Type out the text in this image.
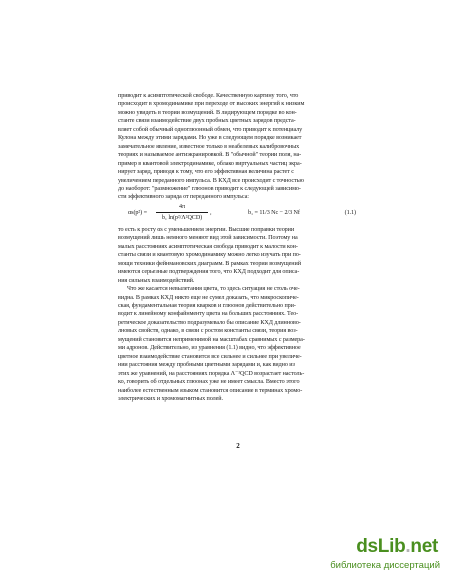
приводит к асимптотической свободе. Качественную картину того, что

происходит в хромодинамике при переходе от высоких энергий к низким

можно увидеть в теории возмущений. В лидирующем порядке во кон-

станте связи взаимодействие двух пробных цветных зарядов предста-

вляет собой обычный одноглюонный обмен, что приводит к потенциалу

Кулона между этими зарядами. Но уже в следующем порядке возникает

замечательное явление, известное только в неабелевых калибровочных

теориях и называемое антиэкранировкой. В "обычной" теории поля, на-

пример в квантовой электродинамике, облако виртуальных частиц экра-

нирует заряд, приводя к тому, что его эффективная величина растет с

увеличением переданного импульса. В КХД все происходит с точностью

до наоборот: "размножение" глюонов приводит к следующей зависимо-

сти эффективного заряда от переданного импульса:

αs(p²) =
4π
b₁ ln(p²/Λ²QCD)
,	b₁ = 11/3 Nc − 2/3 Nf	(1.1)

то есть к росту αs с уменьшением энергии. Высшие поправки теории

возмущений лишь немного меняют вид этой зависимости. Поэтому на

малых расстояниях асимптотическая свобода приводит к малости кон-

станты связи и квантовую хромодинамику можно легко изучать при по-

мощи техники фейнмановских диаграмм. В рамках теории возмущений

имеются серьезные подтверждения того, что КХД подходит для описа-

ния сильных взаимодействий.

Что же касается невылетания цвета, то здесь ситуация не столь оче-

видна. В рамках КХД никто еще не сумел доказать, что микроскопиче-

ская, фундаментальная теория кварков и глюонов действительно при-

водит к линейному конфайнменту цвета на больших расстояниях. Тео-

ретическое доказательство подразумевало бы описание КХД длинново-

лновых свойств, однако, в связи с ростом константы связи, теория воз-

мущений становится неприменимой на масштабах сравнимых с размера-

ми адронов. Действительно, из уравнения (1.1) видно, что эффективное

цветное взаимодействие становится все сильнее и сильнее при увеличе-

нии расстояния между пробными цветными зарядами и, как видно из

этих же уравнений, на расстояниях порядка Λ⁻¹QCD возрастает настоль-

ко, говорить об отдельных глюонах уже не имеет смысла. Вместо этого

наиболее естественным языком становится описание в терминах хромо-

электрических и хромомагнитных полей.

2
dsLib.net
библиотека диссертаций
